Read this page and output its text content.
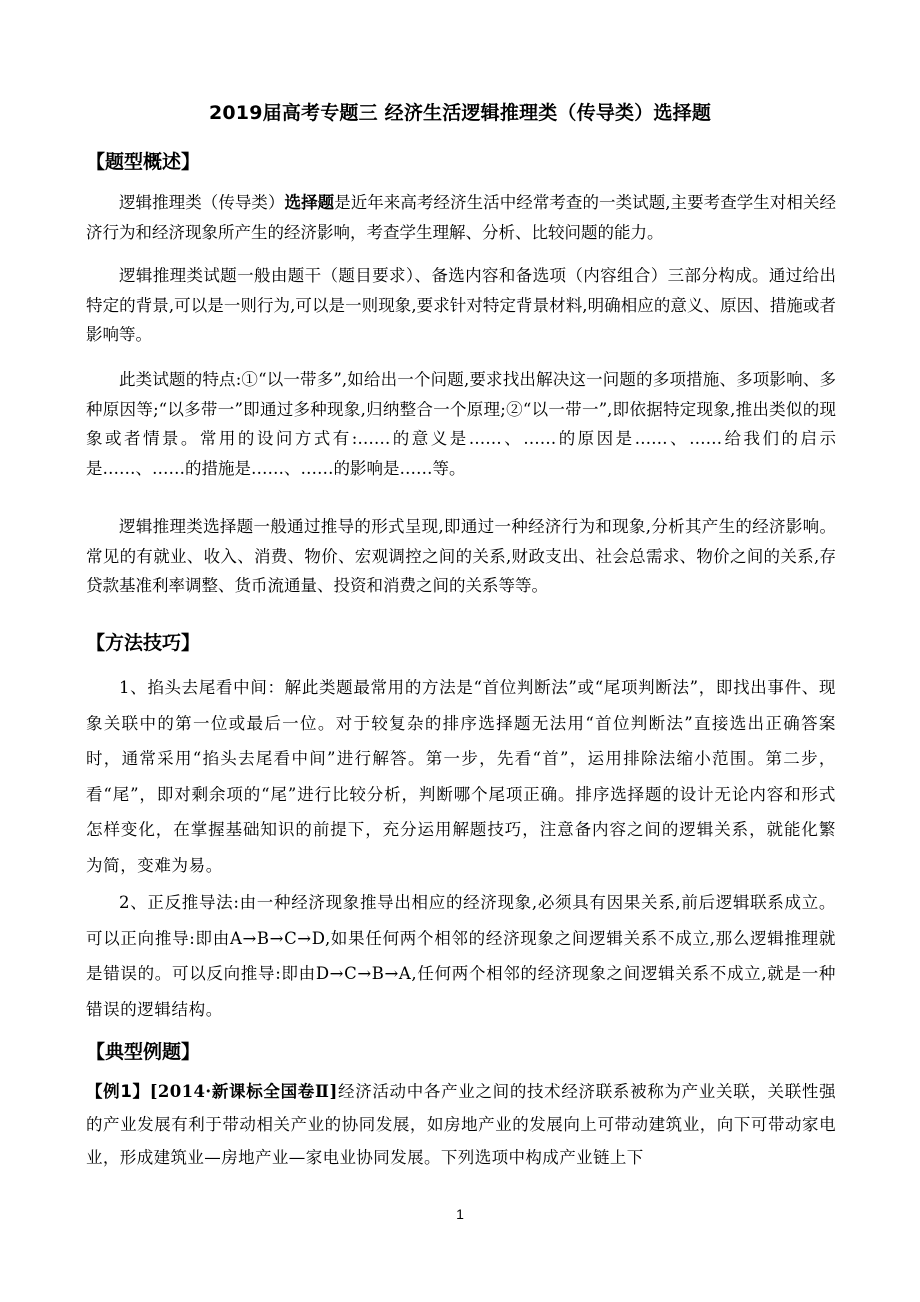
2019届高考专题三 经济生活逻辑推理类（传导类）选择题
【题型概述】
逻辑推理类（传导类）选择题是近年来高考经济生活中经常考查的一类试题,主要考查学生对相关经济行为和经济现象所产生的经济影响，考查学生理解、分析、比较问题的能力。
逻辑推理类试题一般由题干（题目要求）、备选内容和备选项（内容组合）三部分构成。通过给出特定的背景,可以是一则行为,可以是一则现象,要求针对特定背景材料,明确相应的意义、原因、措施或者影响等。
此类试题的特点:①“以一带多”,如给出一个问题,要求找出解决这一问题的多项措施、多项影响、多种原因等;“以多带一”即通过多种现象,归纳整合一个原理;②“以一带一”,即依据特定现象,推出类似的现象或者情景。常用的设问方式有:……的意义是……、……的原因是……、……给我们的启示是……、……的措施是……、……的影响是……等。
逻辑推理类选择题一般通过推导的形式呈现,即通过一种经济行为和现象,分析其产生的经济影响。常见的有就业、收入、消费、物价、宏观调控之间的关系,财政支出、社会总需求、物价之间的关系,存贷款基准利率调整、货币流通量、投资和消费之间的关系等等。
【方法技巧】
1、掐头去尾看中间：解此类题最常用的方法是“首位判断法”或“尾项判断法”，即找出事件、现象关联中的第一位或最后一位。对于较复杂的排序选择题无法用“首位判断法”直接选出正确答案时，通常采用“掐头去尾看中间”进行解答。第一步，先看“首”，运用排除法缩小范围。第二步，看“尾”，即对剩余项的“尾”进行比较分析，判断哪个尾项正确。排序选择题的设计无论内容和形式怎样变化，在掌握基础知识的前提下，充分运用解题技巧，注意备内容之间的逻辑关系，就能化繁为简，变难为易。
2、正反推导法:由一种经济现象推导出相应的经济现象,必须具有因果关系,前后逻辑联系成立。可以正向推导:即由A→B→C→D,如果任何两个相邻的经济现象之间逻辑关系不成立,那么逻辑推理就是错误的。可以反向推导:即由D→C→B→A,任何两个相邻的经济现象之间逻辑关系不成立,就是一种错误的逻辑结构。
【典型例题】
【例1】[2014·新课标全国卷Ⅱ]经济活动中各产业之间的技术经济联系被称为产业关联，关联性强的产业发展有利于带动相关产业的协同发展，如房地产业的发展向上可带动建筑业，向下可带动家电业，形成建筑业—房地产业—家电业协同发展。下列选项中构成产业链上下
1
